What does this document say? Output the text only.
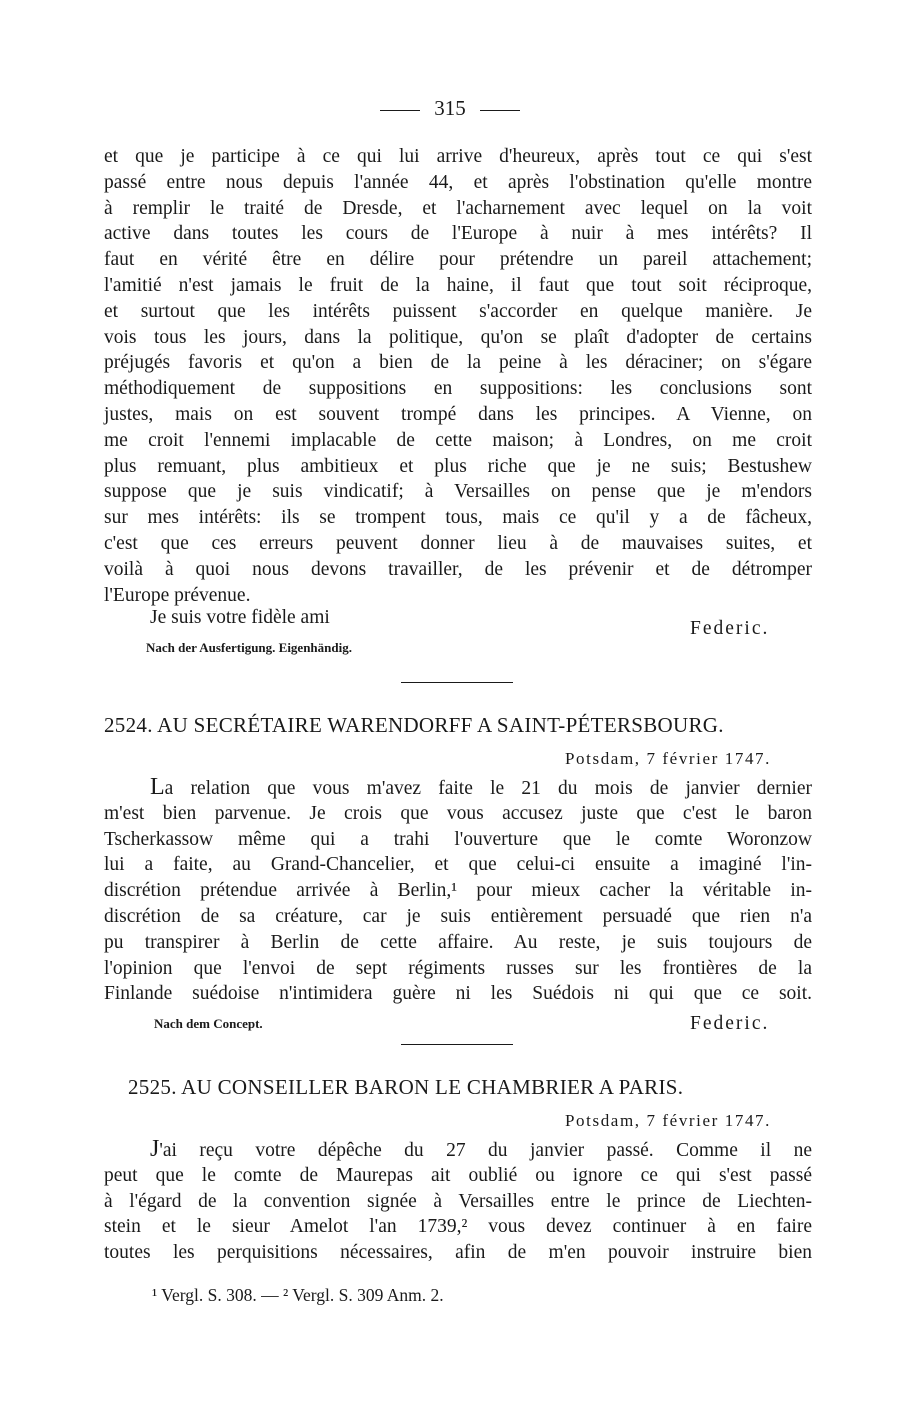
315
et que je participe à ce qui lui arrive d'heureux, après tout ce qui s'est
passé entre nous depuis l'année 44, et après l'obstination qu'elle montre
à remplir le traité de Dresde, et l'acharnement avec lequel on la voit
active dans toutes les cours de l'Europe à nuir à mes intérêts? Il
faut en vérité être en délire pour prétendre un pareil attachement;
l'amitié n'est jamais le fruit de la haine, il faut que tout soit réciproque,
et surtout que les intérêts puissent s'accorder en quelque manière. Je
vois tous les jours, dans la politique, qu'on se plaît d'adopter de certains
préjugés favoris et qu'on a bien de la peine à les déraciner; on s'égare
méthodiquement de suppositions en suppositions: les conclusions sont
justes, mais on est souvent trompé dans les principes. A Vienne, on
me croit l'ennemi implacable de cette maison; à Londres, on me croit
plus remuant, plus ambitieux et plus riche que je ne suis; Bestushew
suppose que je suis vindicatif; à Versailles on pense que je m'endors
sur mes intérêts: ils se trompent tous, mais ce qu'il y a de fâcheux,
c'est que ces erreurs peuvent donner lieu à de mauvaises suites, et
voilà à quoi nous devons travailler, de les prévenir et de détromper
l'Europe prévenue.
Je suis votre fidèle ami
Federic.
Nach der Ausfertigung. Eigenhändig.
2524. AU SECRÉTAIRE WARENDORFF A SAINT-PÉTERSBOURG.
Potsdam, 7 février 1747.
La relation que vous m'avez faite le 21 du mois de janvier dernier
m'est bien parvenue. Je crois que vous accusez juste que c'est le baron
Tscherkassow même qui a trahi l'ouverture que le comte Woronzow
lui a faite, au Grand-Chancelier, et que celui-ci ensuite a imaginé l'in-
discrétion prétendue arrivée à Berlin,¹ pour mieux cacher la véritable in-
discrétion de sa créature, car je suis entièrement persuadé que rien n'a
pu transpirer à Berlin de cette affaire. Au reste, je suis toujours de
l'opinion que l'envoi de sept régiments russes sur les frontières de la
Finlande suédoise n'intimidera guère ni les Suédois ni qui que ce soit.
Nach dem Concept.	Federic.
2525. AU CONSEILLER BARON LE CHAMBRIER A PARIS.
Potsdam, 7 février 1747.
J'ai reçu votre dépêche du 27 du janvier passé. Comme il ne
peut que le comte de Maurepas ait oublié ou ignore ce qui s'est passé
à l'égard de la convention signée à Versailles entre le prince de Liechten-
stein et le sieur Amelot l'an 1739,² vous devez continuer à en faire
toutes les perquisitions nécessaires, afin de m'en pouvoir instruire bien
¹ Vergl. S. 308. — ² Vergl. S. 309 Anm. 2.
